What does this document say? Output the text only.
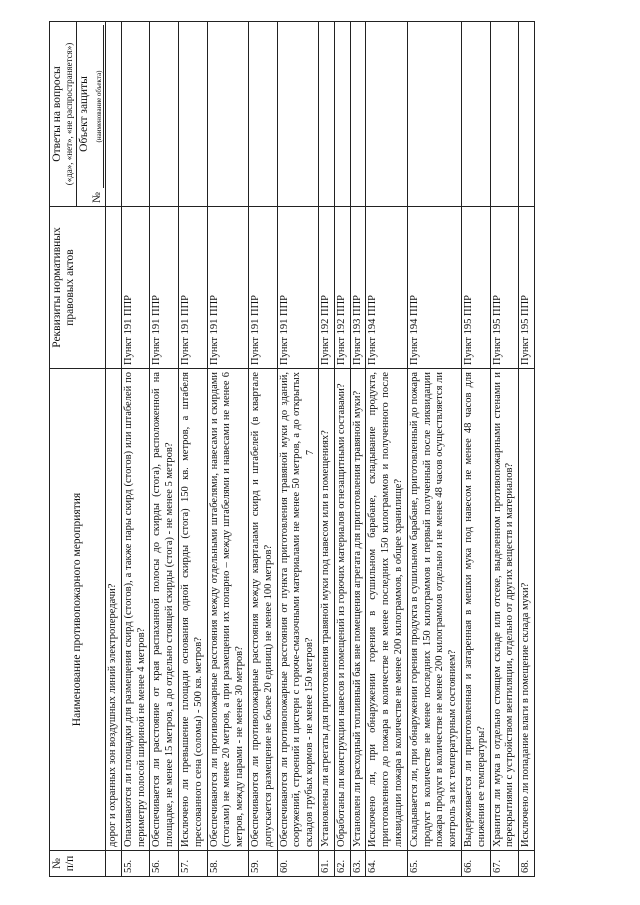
7
№ п/п	Наименование противопожарного мероприятия	Реквизиты нормативных правовых актов	Ответы на вопросы («да», «нет», «не распространяется»)

			Объект защиты
№
(наименование объекта)

	дорог и охранных зон воздушных линий электропередачи?		
55.	Опахиваются ли площадки для размещения скирд (стогов), а также пары скирд (стогов) или штабелей по периметру полосой шириной не менее 4 метров?	Пункт 191 ППР	
56.	Обеспечивается ли расстояние от края распаханной полосы до скирды (стога), расположенной на площадке, не менее 15 метров, а до отдельно стоящей скирды (стога) - не менее 5 метров?	Пункт 191 ППР	
57.	Исключено ли превышение площади основания одной скирды (стога) 150 кв. метров, а штабеля прессованного сена (соломы) - 500 кв. метров?	Пункт 191 ППР	
58.	Обеспечиваются ли противопожарные расстояния между отдельными штабелями, навесами и скирдами (стогами) не менее 20 метров, а при размещении их попарно – между штабелями и навесами не менее 6 метров, между парами - не менее 30 метров?	Пункт 191 ППР	
59.	Обеспечиваются ли противопожарные расстояния между кварталами скирд и штабелей (в квартале допускается размещение не более 20 единиц) не менее 100 метров?	Пункт 191 ППР	
60.	Обеспечиваются ли противопожарные расстояния от пункта приготовления травяной муки до зданий, сооружений, строений и цистерн с горюче-смазочными материалами не менее 50 метров, а до открытых складов грубых кормов - не менее 150 метров?	Пункт 191 ППР	
61.	Установлены ли агрегаты для приготовления травяной муки под навесом или в помещениях?	Пункт 192 ППР	
62.	Обработаны ли конструкции навесов и помещений из горючих материалов огнезащитными составами?	Пункт 192 ППР	
63.	Установлен ли расходный топливный бак вне помещения агрегата для приготовления травяной муки?	Пункт 193 ППР	
64.	Исключено ли, при обнаружении горения в сушильном барабане, складывание продукта, приготовленного до пожара в количестве не менее последних 150 килограммов и полученного после ликвидации пожара в количестве не менее 200 килограммов, в общее хранилище?	Пункт 194 ППР	
65.	Складывается ли, при обнаружении горения продукта в сушильном барабане, приготовленный до пожара продукт в количестве не менее последних 150 килограммов и первый полученный после ликвидации пожара продукт в количестве не менее 200 килограммов отдельно и не менее 48 часов осуществляется ли контроль за их температурным состоянием?	Пункт 194 ППР	
66.	Выдерживается ли приготовленная и затаренная в мешки мука под навесом не менее 48 часов для снижения ее температуры?	Пункт 195 ППР	
67.	Хранится ли мука в отдельно стоящем складе или отсеке, выделенном противопожарными стенами и перекрытиями с устройством вентиляции, отдельно от других веществ и материалов?	Пункт 195 ППР	
68.	Исключено ли попадание влаги в помещение склада муки?	Пункт 195 ППР	
